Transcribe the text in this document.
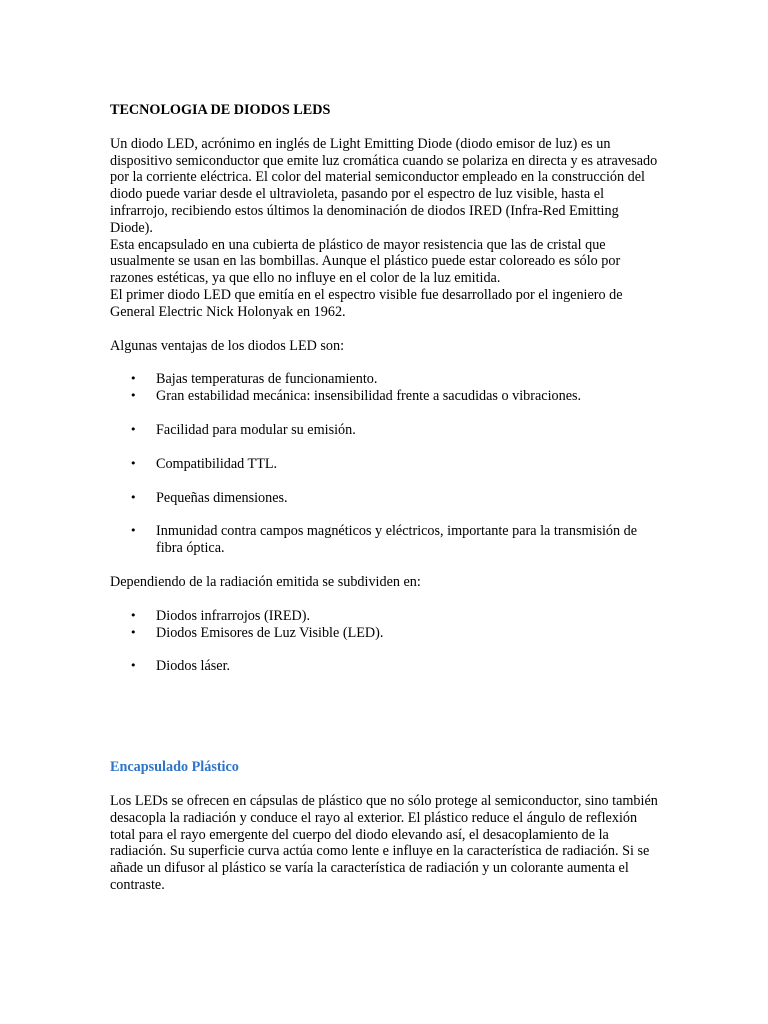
TECNOLOGIA DE DIODOS LEDS

Un diodo LED, acrónimo en inglés de Light Emitting Diode (diodo emisor de luz) es un dispositivo semiconductor que emite luz cromática cuando se polariza en directa y es atravesado por la corriente eléctrica. El color del material semiconductor empleado en la construcción del diodo puede variar desde el ultravioleta, pasando por el espectro de luz visible, hasta el infrarrojo, recibiendo estos últimos la denominación de diodos IRED (Infra-Red Emitting Diode).

Esta encapsulado en una cubierta de plástico de mayor resistencia que las de cristal que usualmente se usan en las bombillas. Aunque el plástico puede estar coloreado es sólo por razones estéticas, ya que ello no influye en el color de la luz emitida.

El primer diodo LED que emitía en el espectro visible fue desarrollado por el ingeniero de General Electric Nick Holonyak en 1962.

Algunas ventajas de los diodos LED son:

• Bajas temperaturas de funcionamiento.
• Gran estabilidad mecánica: insensibilidad frente a sacudidas o vibraciones.
• Facilidad para modular su emisión.
• Compatibilidad TTL.
• Pequeñas dimensiones.
• Inmunidad contra campos magnéticos y eléctricos, importante para la transmisión de fibra óptica.

Dependiendo de la radiación emitida se subdividen en:

• Diodos infrarrojos (IRED).
• Diodos Emisores de Luz Visible (LED).
• Diodos láser.

Encapsulado Plástico

Los LEDs se ofrecen en cápsulas de plástico que no sólo protege al semiconductor, sino también desacopla la radiación y conduce el rayo al exterior. El plástico reduce el ángulo de reflexión total para el rayo emergente del cuerpo del diodo elevando así, el desacoplamiento de la radiación. Su superficie curva actúa como lente e influye en la característica de radiación. Si se añade un difusor al plástico se varía la característica de radiación y un colorante aumenta el contraste.
